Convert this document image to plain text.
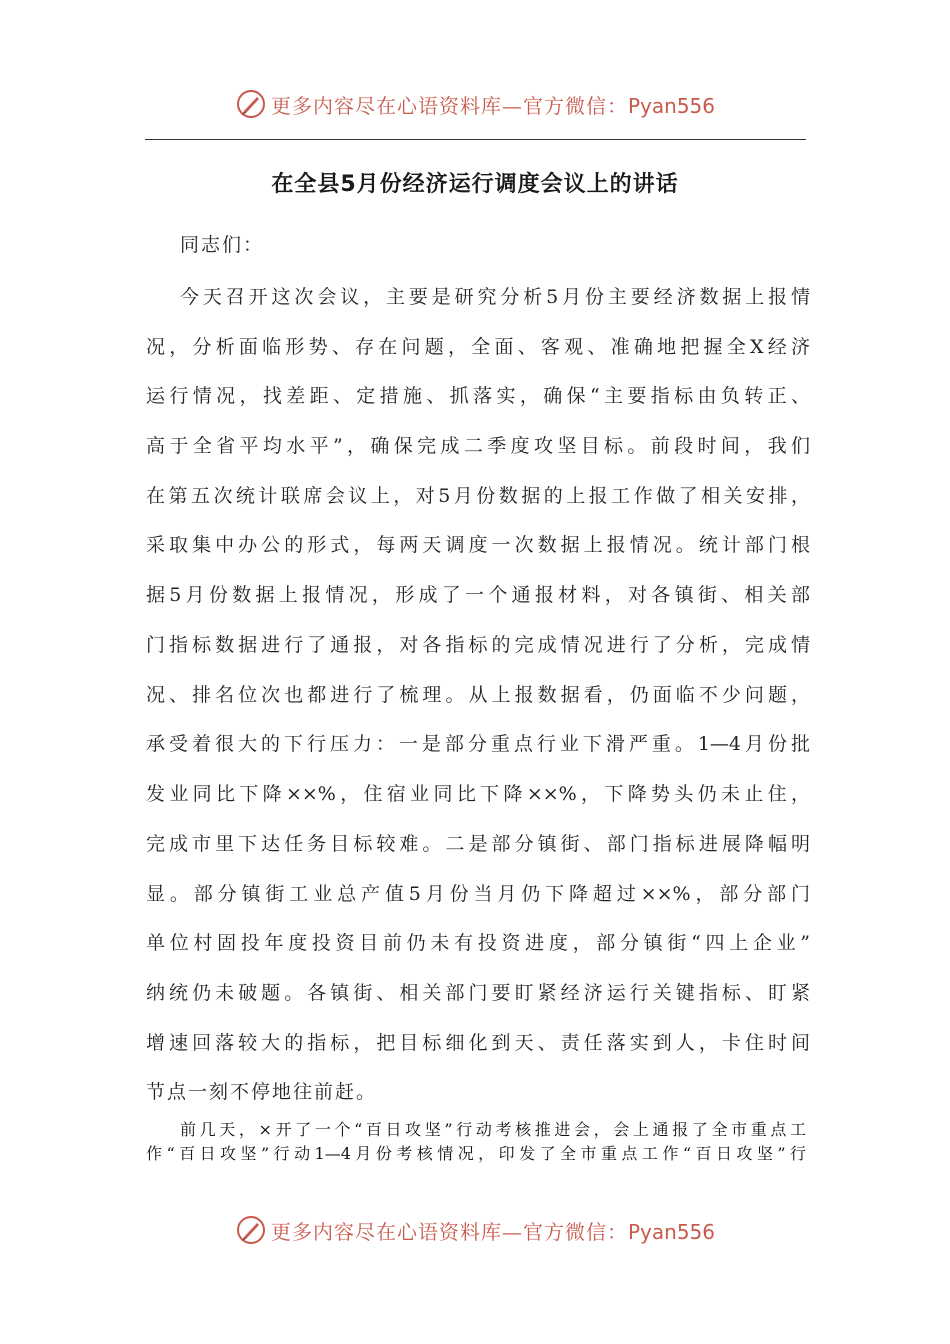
更多内容尽在心语资料库—官方微信：Pyan556
在全县5月份经济运行调度会议上的讲话
同志们：
今天召开这次会议，主要是研究分析5月份主要经济数据上报情
况，分析面临形势、存在问题，全面、客观、准确地把握全X经济
运行情况，找差距、定措施、抓落实，确保“主要指标由负转正、
高于全省平均水平”，确保完成二季度攻坚目标。前段时间，我们
在第五次统计联席会议上，对5月份数据的上报工作做了相关安排，
采取集中办公的形式，每两天调度一次数据上报情况。统计部门根
据5月份数据上报情况，形成了一个通报材料，对各镇街、相关部
门指标数据进行了通报，对各指标的完成情况进行了分析，完成情
况、排名位次也都进行了梳理。从上报数据看，仍面临不少问题，
承受着很大的下行压力：一是部分重点行业下滑严重。1—4月份批
发业同比下降××%，住宿业同比下降××%，下降势头仍未止住，
完成市里下达任务目标较难。二是部分镇街、部门指标进展降幅明
显。部分镇街工业总产值5月份当月仍下降超过××%，部分部门
单位村固投年度投资目前仍未有投资进度，部分镇街“四上企业”
纳统仍未破题。各镇街、相关部门要盯紧经济运行关键指标、盯紧
增速回落较大的指标，把目标细化到天、责任落实到人，卡住时间
节点一刻不停地往前赶。
前几天，×开了一个“百日攻坚”行动考核推进会，会上通报了全市重点工
作“百日攻坚”行动1—4月份考核情况，印发了全市重点工作“百日攻坚”行
更多内容尽在心语资料库—官方微信：Pyan556
